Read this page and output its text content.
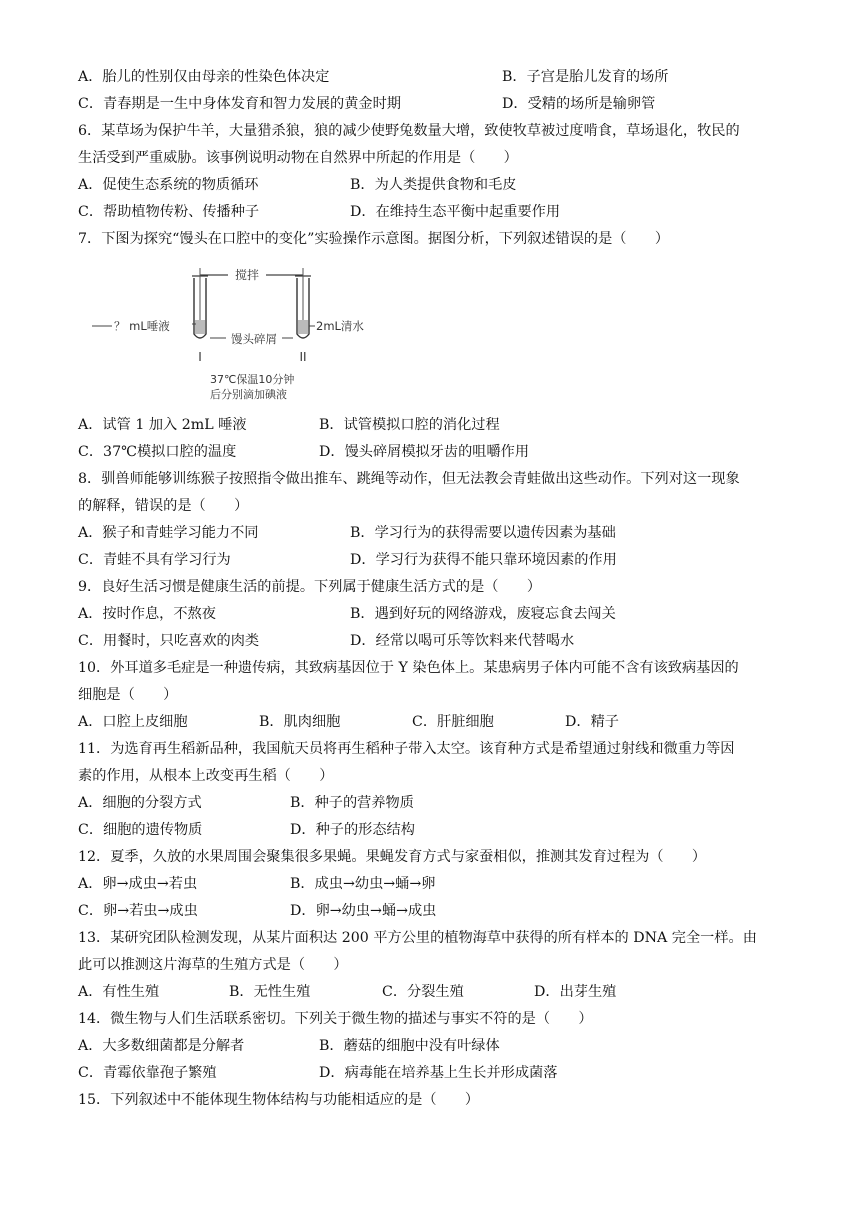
A．胎儿的性别仅由母亲的性染色体决定	B．子宫是胎儿发育的场所
C．青春期是一生中身体发育和智力发展的黄金时期	D．受精的场所是输卵管
6．某草场为保护牛羊，大量猎杀狼，狼的减少使野兔数量大增，致使牧草被过度啃食，草场退化，牧民的
生活受到严重威胁。该事例说明动物在自然界中所起的作用是（　　）
A．促使生态系统的物质循环	B．为人类提供食物和毛皮
C．帮助植物传粉、传播种子	D．在维持生态平衡中起重要作用
7．下图为探究“馒头在口腔中的变化”实验操作示意图。据图分析，下列叙述错误的是（　　）
搅拌
？ mL唾液
馒头碎屑
2mL清水
I	II
37℃保温10分钟
后分别滴加碘液
A．试管 1 加入 2mL 唾液	B．试管模拟口腔的消化过程
C．37℃模拟口腔的温度	D．馒头碎屑模拟牙齿的咀嚼作用
8．驯兽师能够训练猴子按照指令做出推车、跳绳等动作，但无法教会青蛙做出这些动作。下列对这一现象
的解释，错误的是（　　）
A．猴子和青蛙学习能力不同	B．学习行为的获得需要以遗传因素为基础
C．青蛙不具有学习行为	D．学习行为获得不能只靠环境因素的作用
9．良好生活习惯是健康生活的前提。下列属于健康生活方式的是（　　）
A．按时作息，不熬夜	B．遇到好玩的网络游戏，废寝忘食去闯关
C．用餐时，只吃喜欢的肉类	D．经常以喝可乐等饮料来代替喝水
10．外耳道多毛症是一种遗传病，其致病基因位于 Y 染色体上。某患病男子体内可能不含有该致病基因的
细胞是（　　）
A．口腔上皮细胞	B．肌肉细胞	C．肝脏细胞	D．精子
11．为选育再生稻新品种，我国航天员将再生稻种子带入太空。该育种方式是希望通过射线和微重力等因
素的作用，从根本上改变再生稻（　　）
A．细胞的分裂方式	B．种子的营养物质
C．细胞的遗传物质	D．种子的形态结构
12．夏季，久放的水果周围会聚集很多果蝇。果蝇发育方式与家蚕相似，推测其发育过程为（　　）
A．卵→成虫→若虫	B．成虫→幼虫→蛹→卵
C．卵→若虫→成虫	D．卵→幼虫→蛹→成虫
13．某研究团队检测发现，从某片面积达 200 平方公里的植物海草中获得的所有样本的 DNA 完全一样。由
此可以推测这片海草的生殖方式是（　　）
A．有性生殖	B．无性生殖	C．分裂生殖	D．出芽生殖
14．微生物与人们生活联系密切。下列关于微生物的描述与事实不符的是（　　）
A．大多数细菌都是分解者	B．蘑菇的细胞中没有叶绿体
C．青霉依靠孢子繁殖	D．病毒能在培养基上生长并形成菌落
15．下列叙述中不能体现生物体结构与功能相适应的是（　　）
